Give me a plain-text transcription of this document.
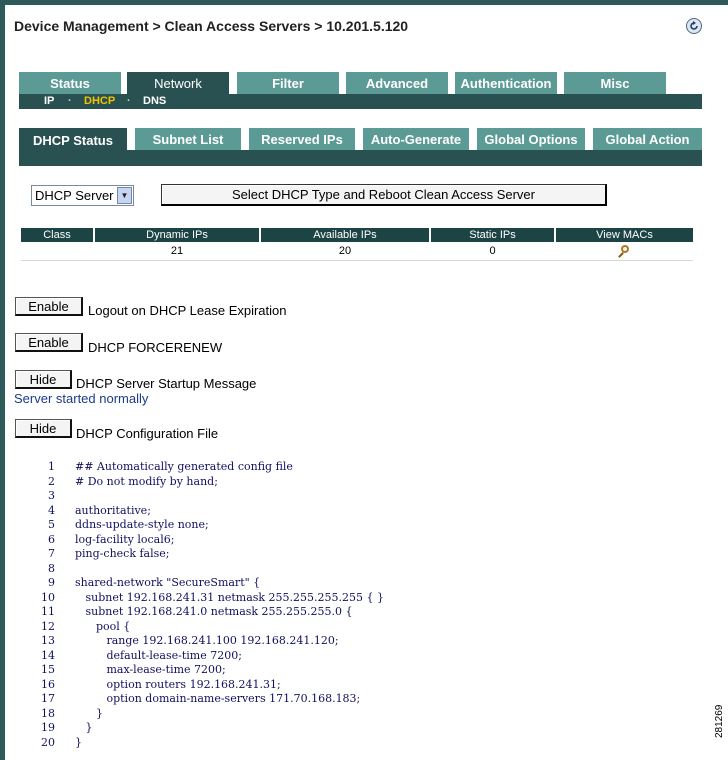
Device Management > Clean Access Servers > 10.201.5.120
Status	Network	Filter	Advanced	Authentication	Misc
IP · DHCP · DNS
DHCP Status	Subnet List	Reserved IPs	Auto-Generate	Global Options	Global Action
DHCP Server ▼	Select DHCP Type and Reboot Clean Access Server
Class	Dynamic IPs	Available IPs	Static IPs	View MACs
	21	20	0	
Enable	Logout on DHCP Lease Expiration
Enable	DHCP FORCERENEW
Hide	DHCP Server Startup Message
Server started normally
Hide	DHCP Configuration File
1 ## Automatically generated config file
2 # Do not modify by hand;
3
4 authoritative;
5 ddns-update-style none;
6 log-facility local6;
7 ping-check false;
8
9 shared-network "SecureSmart" {
10 subnet 192.168.241.31 netmask 255.255.255.255 { }
11 subnet 192.168.241.0 netmask 255.255.255.0 {
12 pool {
13 range 192.168.241.100 192.168.241.120;
14 default-lease-time 7200;
15 max-lease-time 7200;
16 option routers 192.168.241.31;
17 option domain-name-servers 171.70.168.183;
18 }
19 }
20 }
281269
